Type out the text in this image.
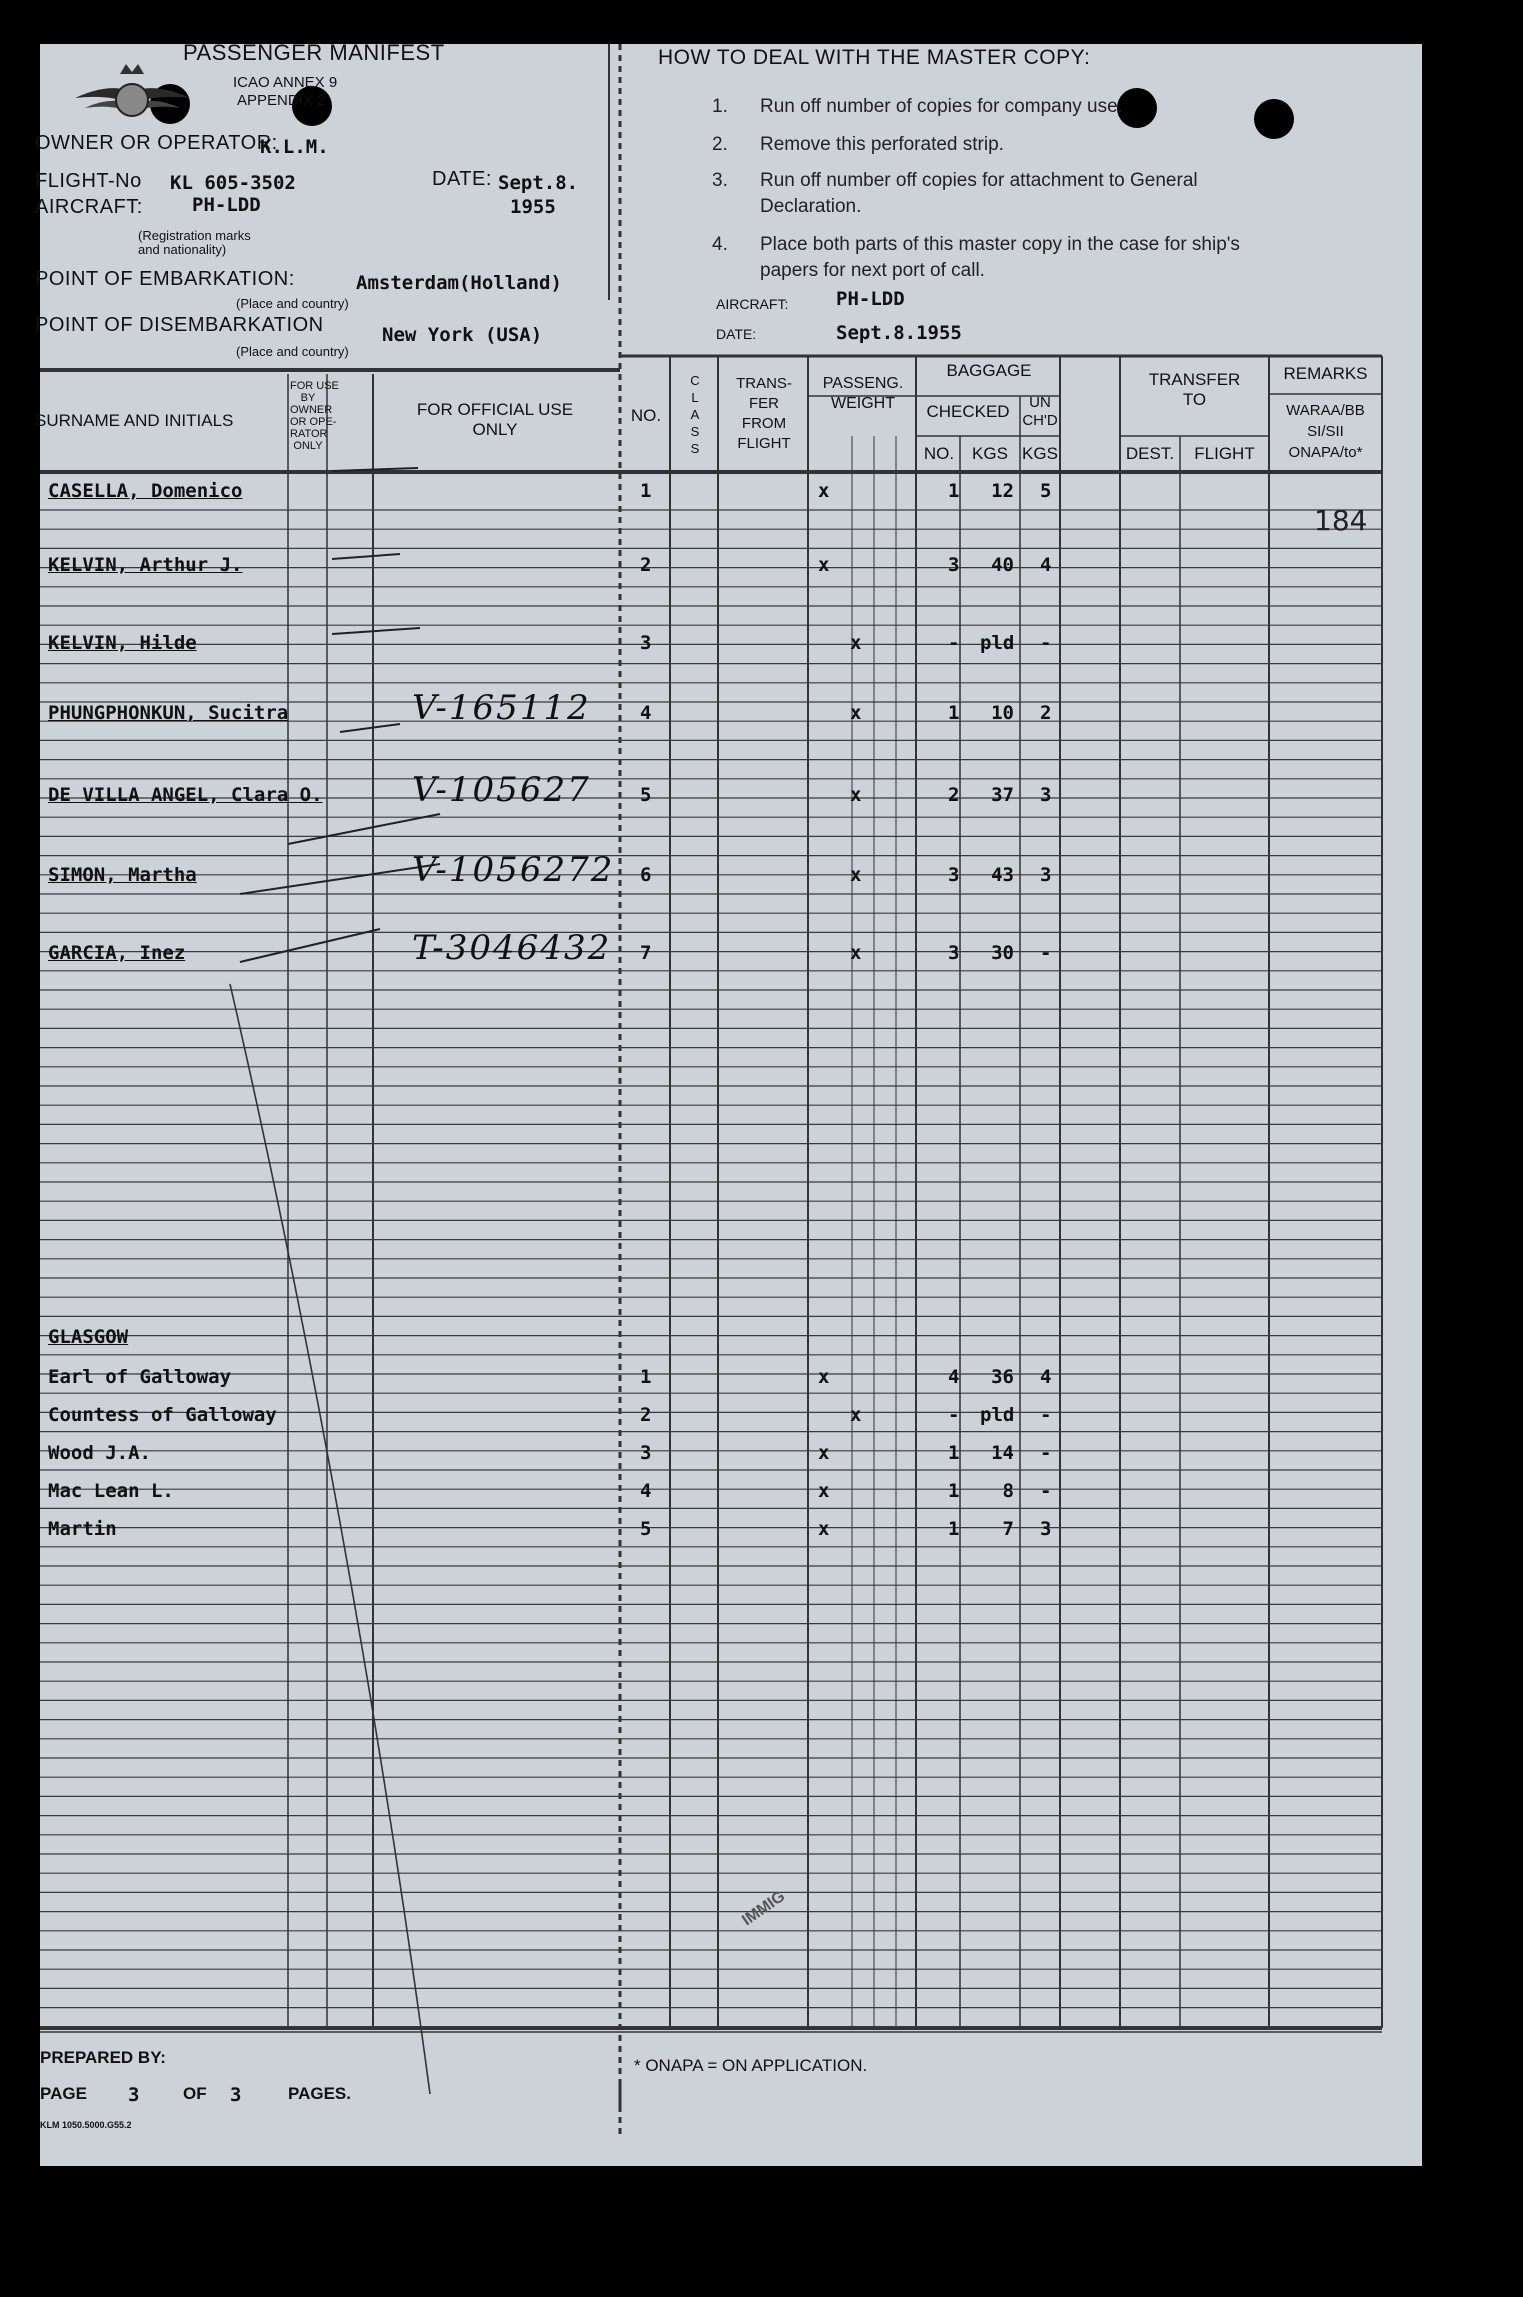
PASSENGER MANIFEST
ICAO ANNEX 9
APPENDIX 2
OWNER OR OPERATOR:
K.L.M.
FLIGHT-No KL 605-3502	DATE: Sept.8.
AIRCRAFT:	PH-LDD	1955
(Registration marks
and nationality)
POINT OF EMBARKATION:	Amsterdam(Holland)
(Place and country)
POINT OF DISEMBARKATION	New York (USA)
(Place and country)
HOW TO DEAL WITH THE MASTER COPY:
1. Run off number of copies for company use.
2. Remove this perforated strip.
3. Run off number off copies for attachment to General
Declaration.
4. Place both parts of this master copy in the case for ship's
papers for next port of call.
AIRCRAFT:	PH-LDD
DATE:	Sept.8.1955
SURNAME AND INITIALS
FOR USE
BY
OWNER
OR OPE-
RATOR
ONLY
FOR OFFICIAL USE
ONLY
NO.
C
L
A
S
S
TRANS-
FER
FROM
FLIGHT
PASSENG.
WEIGHT
BAGGAGE
CHECKED	UN
CH'D
NO.	KGS KGS
TRANSFER
TO
DEST.	FLIGHT
REMARKS
WARAA/BB
SI/SII
ONAPA/to*
CASELLA, Domenico	1	x	1	12 5
KELVIN, Arthur J.	2	x	3	40 4
KELVIN, Hilde	3	x	- pld -
PHUNGPHONKUN, Sucitra	V-165112	4	x	1	10 2
DE VILLA ANGEL, Clara O.	V-105627	5	x	2	37 3
SIMON, Martha	V-1056272 6	x	3	43 3
GARCIA, Inez	T-3046432 7	x	3	30 -
184
GLASGOW
Earl of Galloway	1	x	4	36 4
Countess of Galloway	2	x	- pld -
Wood J.A.	3	x	1	14 -
Mac Lean L.	4	x	1	8 -
Martin	5	x	1	7 3
IMMIG
PREPARED BY:
PAGE 3	OF 3	PAGES.
KLM 1050.5000.G55.2
* ONAPA = ON APPLICATION.
